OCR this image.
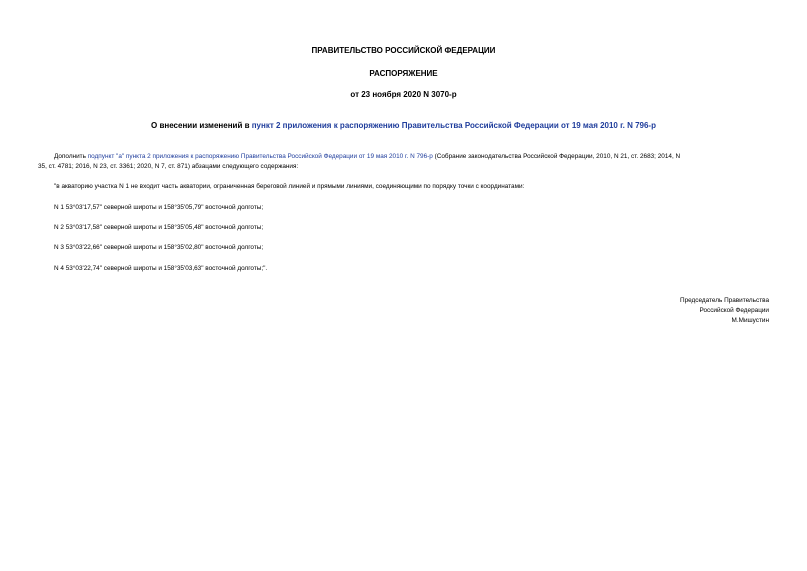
ПРАВИТЕЛЬСТВО РОССИЙСКОЙ ФЕДЕРАЦИИ
РАСПОРЯЖЕНИЕ
от 23 ноября 2020 N 3070-р
О внесении изменений в пункт 2 приложения к распоряжению Правительства Российской Федерации от 19 мая 2010 г. N 796-р
Дополнить подпункт "а" пункта 2 приложения к распоряжению Правительства Российской Федерации от 19 мая 2010 г. N 796-р (Собрание законодательства Российской Федерации, 2010, N 21, ст. 2683; 2014, N
35, ст. 4781; 2016, N 23, ст. 3361; 2020, N 7, ст. 871) абзацами следующего содержания:
"в акваторию участка N 1 не входит часть акватории, ограниченная береговой линией и прямыми линиями, соединяющими по порядку точки с координатами:
N 1 53°03'17,57" северной широты и 158°35'05,79" восточной долготы;
N 2 53°03'17,58" северной широты и 158°35'05,48" восточной долготы;
N 3 53°03'22,66" северной широты и 158°35'02,80" восточной долготы;
N 4 53°03'22,74" северной широты и 158°35'03,63" восточной долготы;".
Председатель Правительства
Российской Федерации
М.Мишустин
